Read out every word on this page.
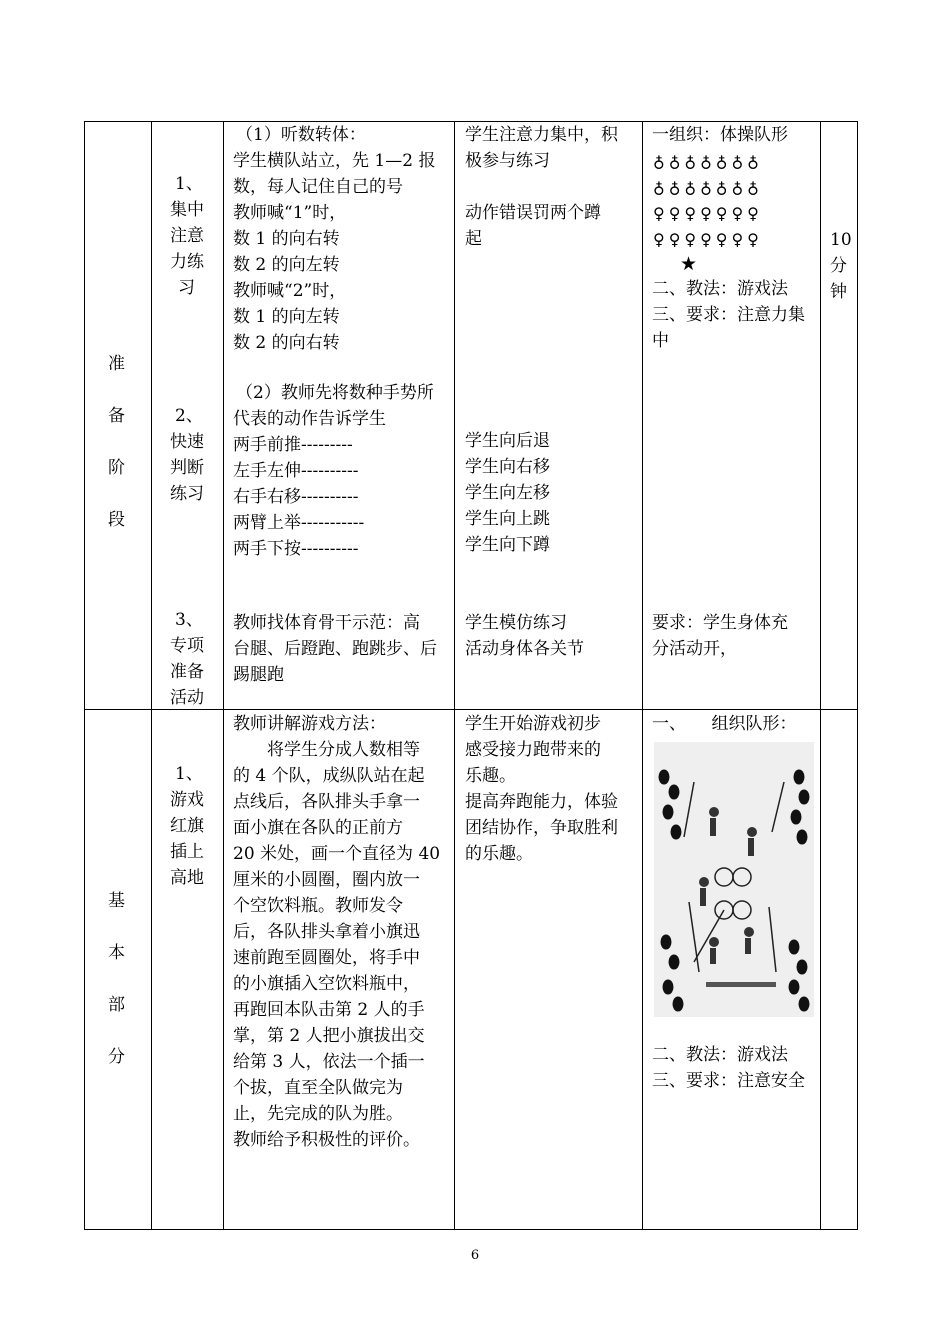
准
备
阶
段
1、
集中
注意
力练
习
2、
快速
判断
练习
3、
专项
准备
活动
（1）听数转体：
学生横队站立，先 1—2 报
数，每人记住自己的号
教师喊“1”时，
数 1 的向右转
数 2 的向左转
教师喊“2”时，
数 1 的向左转
数 2 的向右转
（2）教师先将数种手势所
代表的动作告诉学生
两手前推---------
左手左伸----------
右手右移----------
两臂上举-----------
两手下按----------
教师找体育骨干示范：高
台腿、后蹬跑、跑跳步、后
踢腿跑
学生注意力集中，积
极参与练习
动作错误罚两个蹲
起
学生向后退
学生向右移
学生向左移
学生向上跳
学生向下蹲
学生模仿练习
活动身体各关节
一组织：体操队形
♁♁♁♁♁♁♁
♁♁♁♁♁♁♁
♀♀♀♀♀♀♀
♀♀♀♀♀♀♀
★
二、教法：游戏法
三、要求：注意力集
中
要求：学生身体充
分活动开，
10
分
钟
基
本
部
分
1、
游戏
红旗
插上
高地
教师讲解游戏方法：
　　将学生分成人数相等
的 4 个队，成纵队站在起
点线后，各队排头手拿一
面小旗在各队的正前方
20 米处，画一个直径为 40
厘米的小圆圈，圈内放一
个空饮料瓶。教师发令
后，各队排头拿着小旗迅
速前跑至圆圈处，将手中
的小旗插入空饮料瓶中，
再跑回本队击第 2 人的手
掌，第 2 人把小旗拔出交
给第 3 人，依法一个插一
个拔，直至全队做完为
止，先完成的队为胜。
教师给予积极性的评价。
学生开始游戏初步
感受接力跑带来的
乐趣。
提高奔跑能力，体验
团结协作，争取胜利
的乐趣。
一、　　组织队形：
二、教法：游戏法
三、要求：注意安全
6
